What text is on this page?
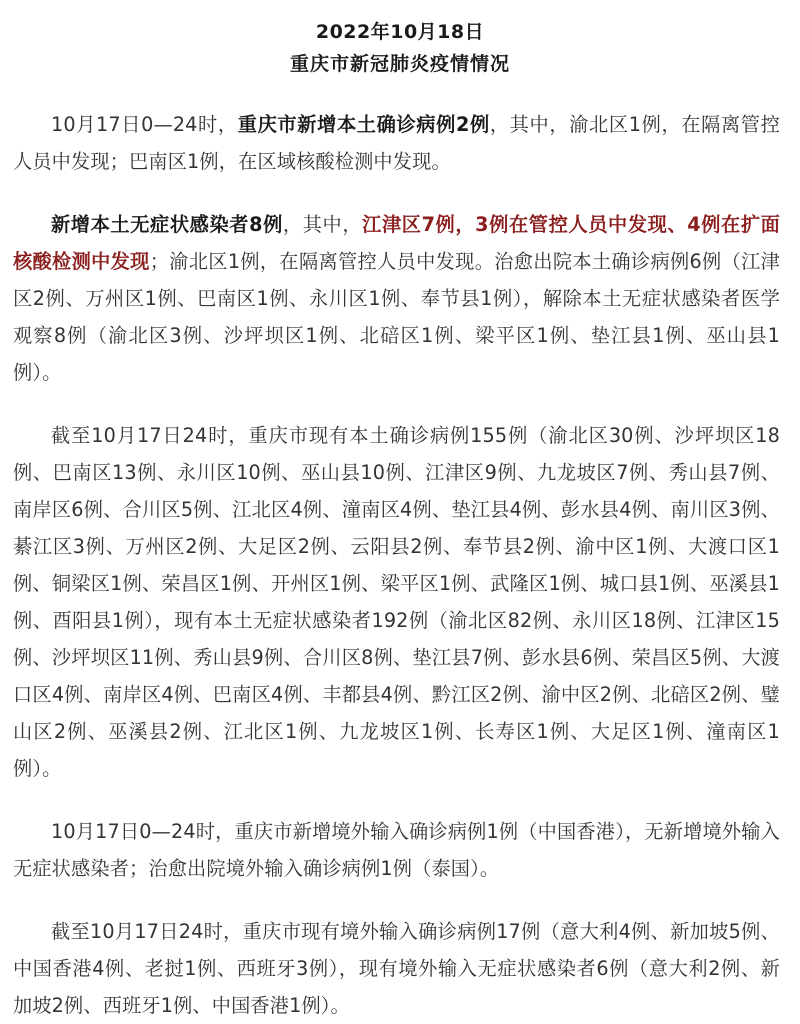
2022年10月18日
重庆市新冠肺炎疫情情况

10月17日0—24时，重庆市新增本土确诊病例2例，其中，渝北区1例，在隔离管控人员中发现；巴南区1例，在区域核酸检测中发现。

新增本土无症状感染者8例，其中，江津区7例，3例在管控人员中发现、4例在扩面核酸检测中发现；渝北区1例，在隔离管控人员中发现。治愈出院本土确诊病例6例（江津区2例、万州区1例、巴南区1例、永川区1例、奉节县1例），解除本土无症状感染者医学观察8例（渝北区3例、沙坪坝区1例、北碚区1例、梁平区1例、垫江县1例、巫山县1例）。

截至10月17日24时，重庆市现有本土确诊病例155例（渝北区30例、沙坪坝区18例、巴南区13例、永川区10例、巫山县10例、江津区9例、九龙坡区7例、秀山县7例、南岸区6例、合川区5例、江北区4例、潼南区4例、垫江县4例、彭水县4例、南川区3例、綦江区3例、万州区2例、大足区2例、云阳县2例、奉节县2例、渝中区1例、大渡口区1例、铜梁区1例、荣昌区1例、开州区1例、梁平区1例、武隆区1例、城口县1例、巫溪县1例、酉阳县1例），现有本土无症状感染者192例（渝北区82例、永川区18例、江津区15例、沙坪坝区11例、秀山县9例、合川区8例、垫江县7例、彭水县6例、荣昌区5例、大渡口区4例、南岸区4例、巴南区4例、丰都县4例、黔江区2例、渝中区2例、北碚区2例、璧山区2例、巫溪县2例、江北区1例、九龙坡区1例、长寿区1例、大足区1例、潼南区1例）。

10月17日0—24时，重庆市新增境外输入确诊病例1例（中国香港），无新增境外输入无症状感染者；治愈出院境外输入确诊病例1例（泰国）。

截至10月17日24时，重庆市现有境外输入确诊病例17例（意大利4例、新加坡5例、中国香港4例、老挝1例、西班牙3例），现有境外输入无症状感染者6例（意大利2例、新加坡2例、西班牙1例、中国香港1例）。
